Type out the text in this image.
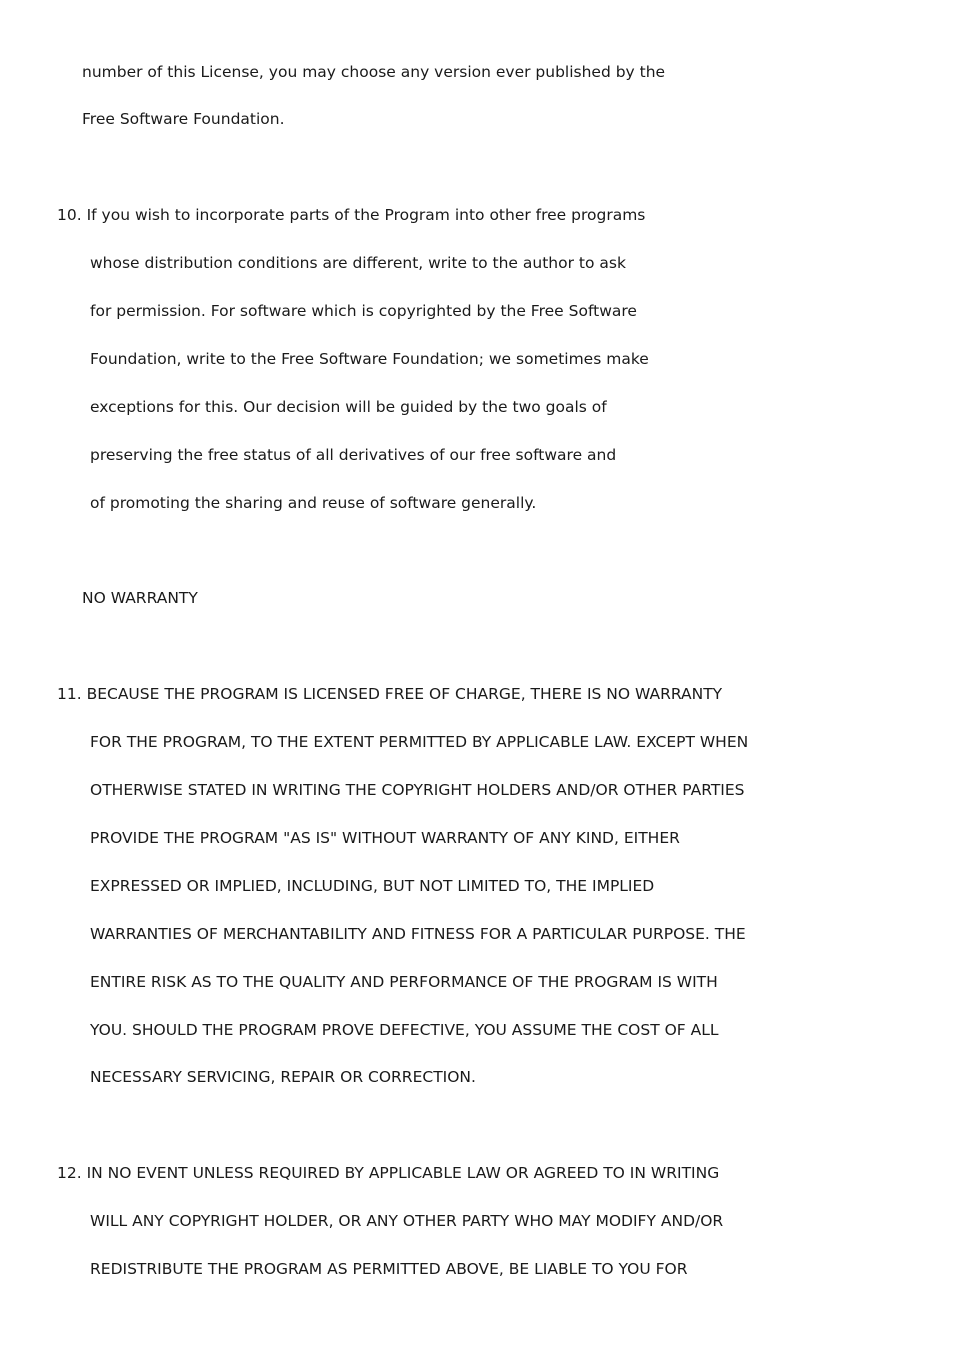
number of this License, you may choose any version ever published by the
Free Software Foundation.
10. If you wish to incorporate parts of the Program into other free programs
whose distribution conditions are different, write to the author to ask
for permission. For software which is copyrighted by the Free Software
Foundation, write to the Free Software Foundation; we sometimes make
exceptions for this. Our decision will be guided by the two goals of
preserving the free status of all derivatives of our free software and
of promoting the sharing and reuse of software generally.
NO WARRANTY
11. BECAUSE THE PROGRAM IS LICENSED FREE OF CHARGE, THERE IS NO WARRANTY
FOR THE PROGRAM, TO THE EXTENT PERMITTED BY APPLICABLE LAW. EXCEPT WHEN
OTHERWISE STATED IN WRITING THE COPYRIGHT HOLDERS AND/OR OTHER PARTIES
PROVIDE THE PROGRAM "AS IS" WITHOUT WARRANTY OF ANY KIND, EITHER
EXPRESSED OR IMPLIED, INCLUDING, BUT NOT LIMITED TO, THE IMPLIED
WARRANTIES OF MERCHANTABILITY AND FITNESS FOR A PARTICULAR PURPOSE. THE
ENTIRE RISK AS TO THE QUALITY AND PERFORMANCE OF THE PROGRAM IS WITH
YOU. SHOULD THE PROGRAM PROVE DEFECTIVE, YOU ASSUME THE COST OF ALL
NECESSARY SERVICING, REPAIR OR CORRECTION.
12. IN NO EVENT UNLESS REQUIRED BY APPLICABLE LAW OR AGREED TO IN WRITING
WILL ANY COPYRIGHT HOLDER, OR ANY OTHER PARTY WHO MAY MODIFY AND/OR
REDISTRIBUTE THE PROGRAM AS PERMITTED ABOVE, BE LIABLE TO YOU FOR
